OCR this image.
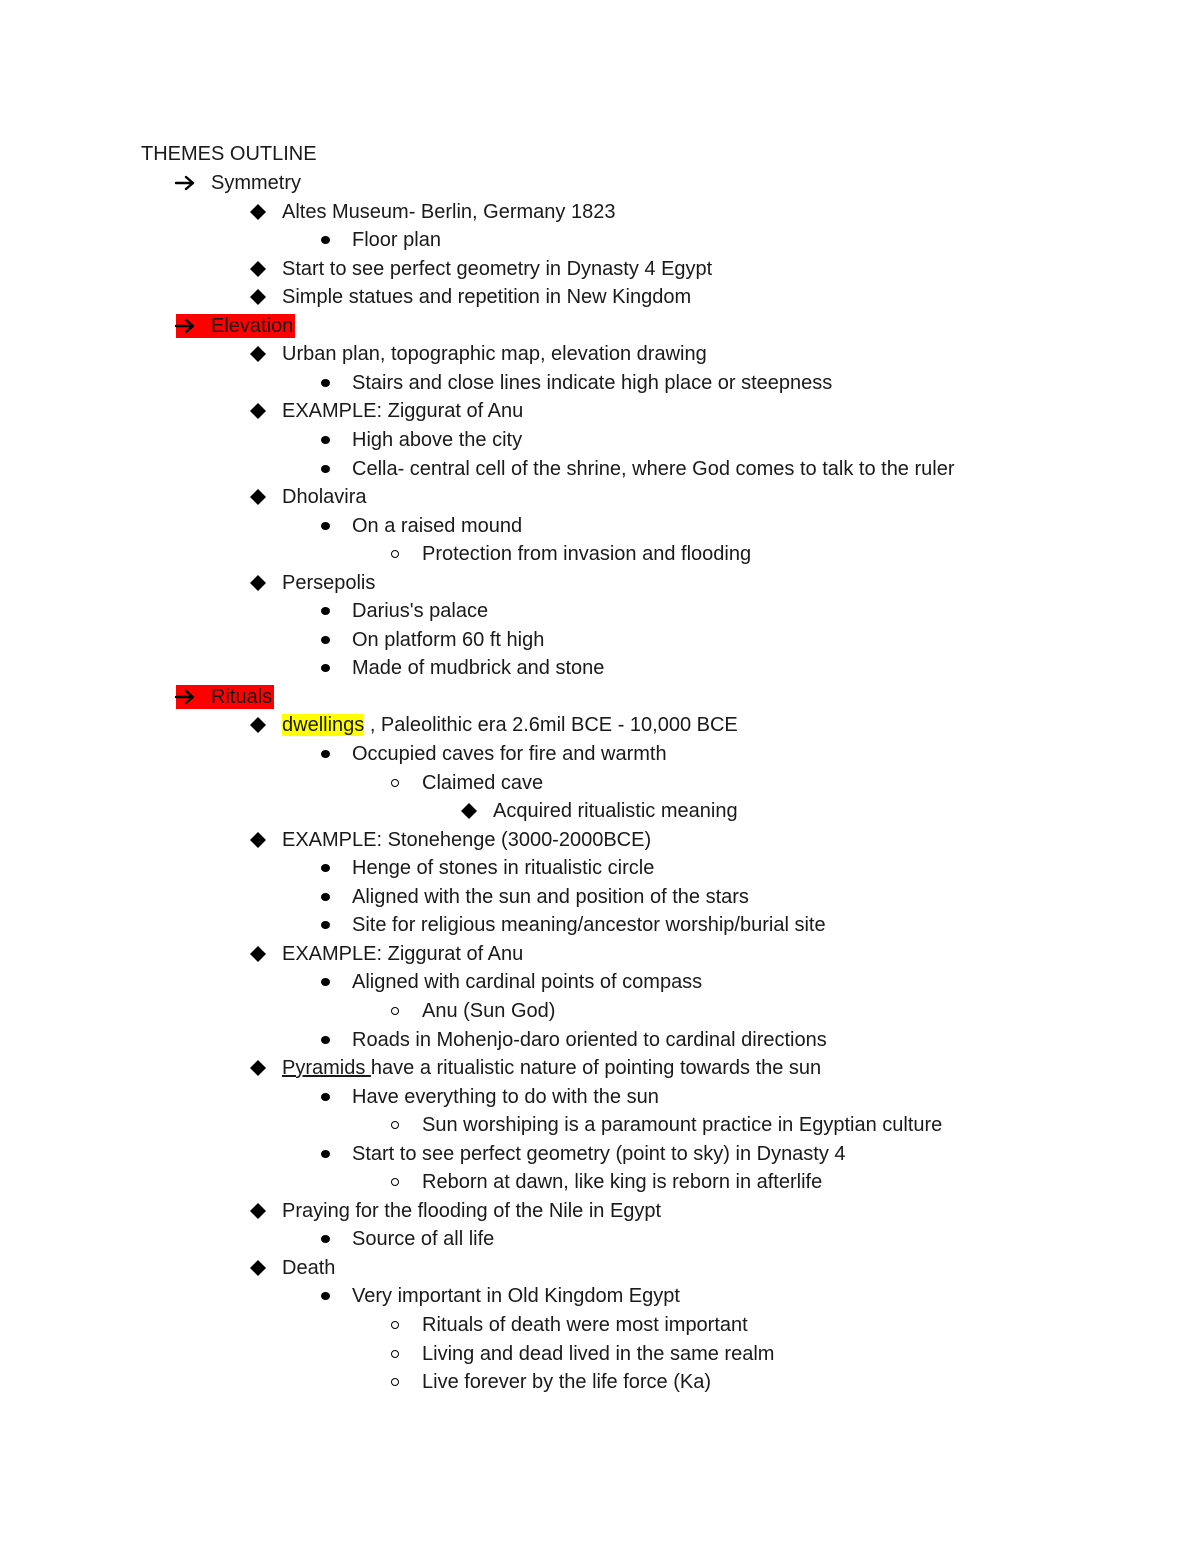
THEMES OUTLINE
Symmetry
Altes Museum- Berlin, Germany 1823
Floor plan
Start to see perfect geometry in Dynasty 4 Egypt
Simple statues and repetition in New Kingdom
Elevation
Urban plan, topographic map, elevation drawing
Stairs and close lines indicate high place or steepness
EXAMPLE: Ziggurat of Anu
High above the city
Cella- central cell of the shrine, where God comes to talk to the ruler
Dholavira
On a raised mound
Protection from invasion and flooding
Persepolis
Darius's palace
On platform 60 ft high
Made of mudbrick and stone
Rituals
dwellings , Paleolithic era 2.6mil BCE - 10,000 BCE
Occupied caves for fire and warmth
Claimed cave
Acquired ritualistic meaning
EXAMPLE: Stonehenge (3000-2000BCE)
Henge of stones in ritualistic circle
Aligned with the sun and position of the stars
Site for religious meaning/ancestor worship/burial site
EXAMPLE: Ziggurat of Anu
Aligned with cardinal points of compass
Anu (Sun God)
Roads in Mohenjo-daro oriented to cardinal directions
Pyramids have a ritualistic nature of pointing towards the sun
Have everything to do with the sun
Sun worshiping is a paramount practice in Egyptian culture
Start to see perfect geometry (point to sky) in Dynasty 4
Reborn at dawn, like king is reborn in afterlife
Praying for the flooding of the Nile in Egypt
Source of all life
Death
Very important in Old Kingdom Egypt
Rituals of death were most important
Living and dead lived in the same realm
Live forever by the life force (Ka)
